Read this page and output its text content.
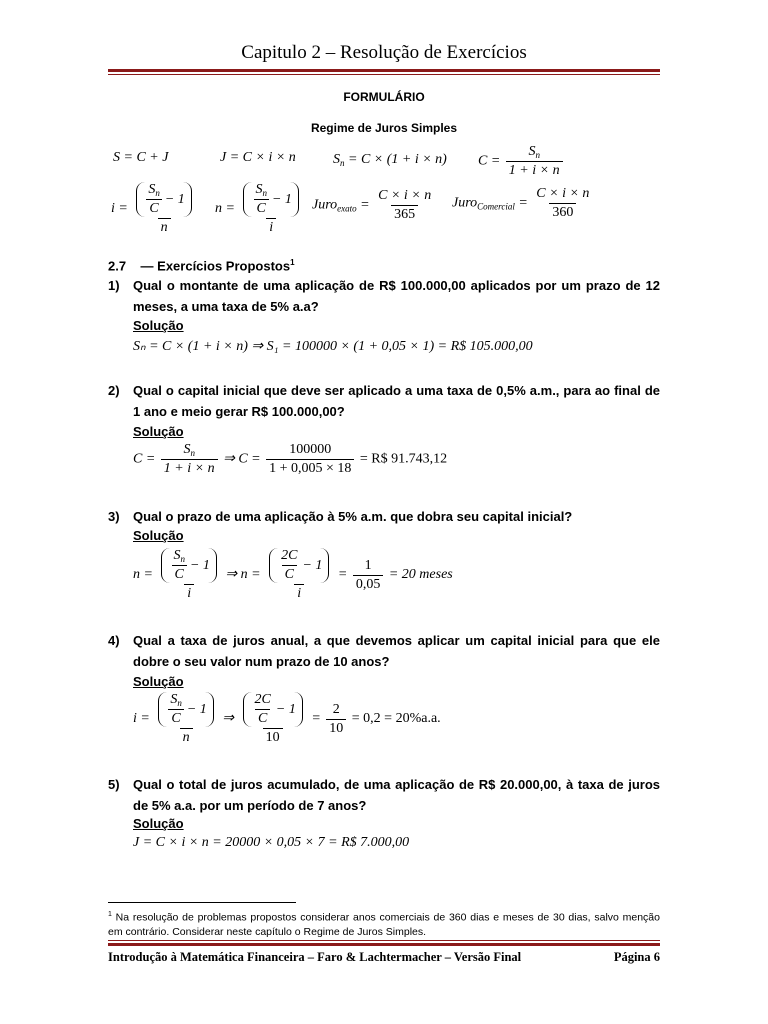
Capitulo 2 – Resolução de Exercícios
FORMULÁRIO
Regime de Juros Simples
S = C + J	J = C × i × n	$S_n = C \times (1 + i \times n) C = \frac{S_n}{1 + i \times n}$
$i = \frac{\frac{S_n}{C} - 1}{n}$ $n = \frac{\frac{S_n}{C} - 1}{i}$ Juro$_{exato}$ = $\frac{C \times i \times n}{365}$ Juro$_{Comercial}$ = $\frac{C \times i \times n}{360}$
2.7 — Exercícios Propostos$^1$
1) Qual o montante de uma aplicação de R$ 100.000,00 aplicados por um prazo de 12 meses, a uma taxa de 5% a.a?
Solução
Sₙ = C × (1 + i × n) ⇒ S₁ = 100000 × (1 + 0,05 × 1) = R$ 105.000,00
2) Qual o capital inicial que deve ser aplicado a uma taxa de 0,5% a.m., para ao final de 1 ano e meio gerar R$ 100.000,00?
Solução
$C = \frac{S_n}{1 + i \times n}$ ⇒ $C = \frac{100000}{1 + 0,005 \times 18}$ = R$ 91.743,12
3) Qual o prazo de uma aplicação à 5% a.m. que dobra seu capital inicial?
Solução
$n = \frac{\frac{S_n}{C} - 1}{i}$ ⇒ $n = \frac{\frac{2C}{C} - 1}{i} = \frac{1}{0,05} = 20$ meses
4) Qual a taxa de juros anual, a que devemos aplicar um capital inicial para que ele dobre o seu valor num prazo de 10 anos?
Solução
$i = \frac{\frac{S_n}{C} - 1}{n}$ ⇒ $\frac{\frac{2C}{C} - 1}{10} = \frac{2}{10} = 0,2 = 20\%a.a$.
5) Qual o total de juros acumulado, de uma aplicação de R$ 20.000,00, à taxa de juros de 5% a.a. por um período de 7 anos?
Solução
J = C × i × n = 20000 × 0,05 × 7 = R$ 7.000,00
$^1$ Na resolução de problemas propostos considerar anos comerciais de 360 dias e meses de 30 dias, salvo menção em contrário. Considerar neste capítulo o Regime de Juros Simples.
Introdução à Matemática Financeira – Faro & Lachtermacher – Versão Final	Página 6
